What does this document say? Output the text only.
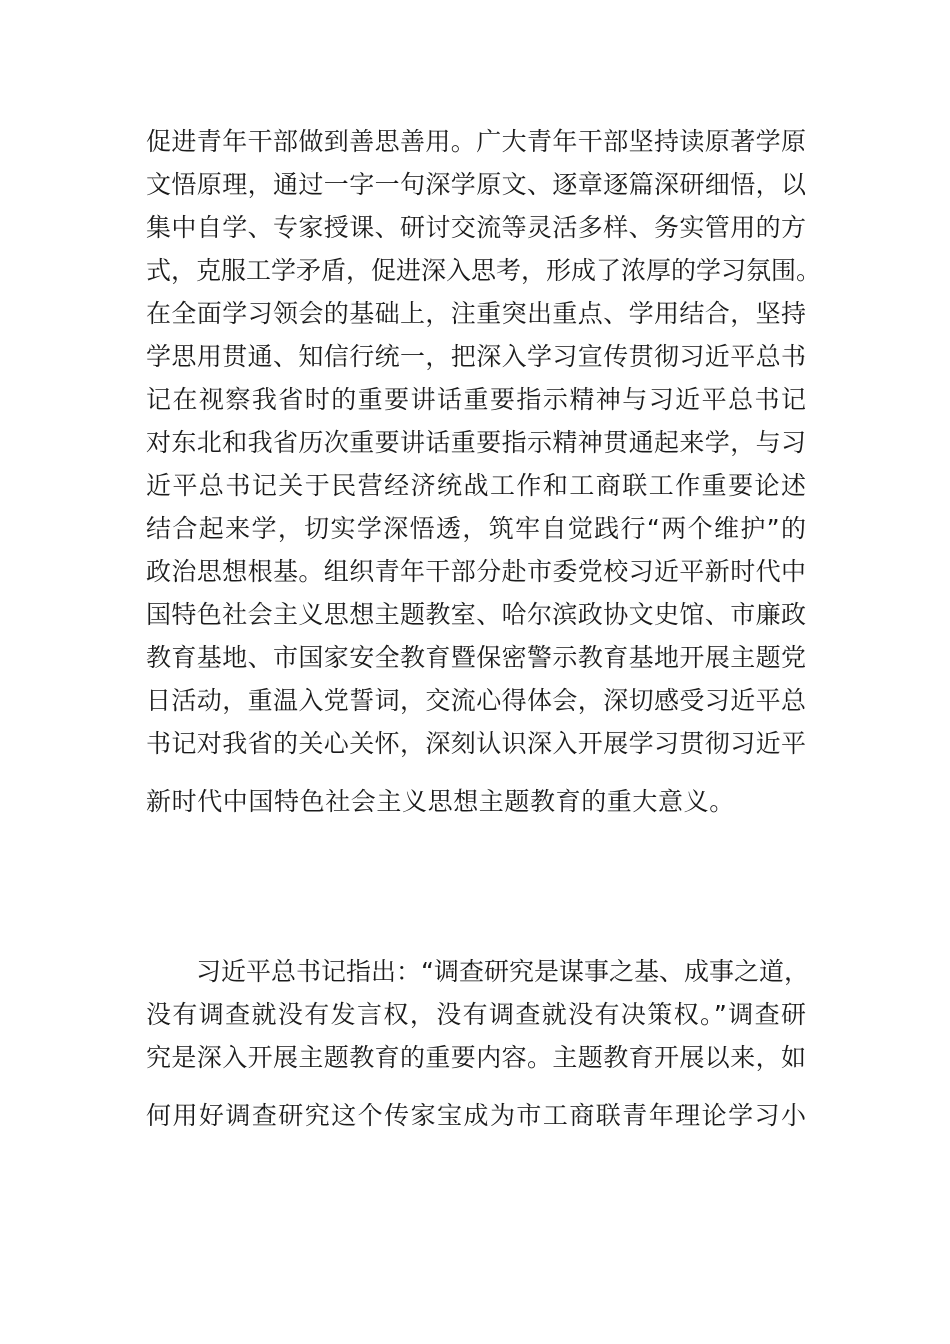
促进青年干部做到善思善用。广大青年干部坚持读原著学原
文悟原理，通过一字一句深学原文、逐章逐篇深研细悟，以
集中自学、专家授课、研讨交流等灵活多样、务实管用的方
式，克服工学矛盾，促进深入思考，形成了浓厚的学习氛围。
在全面学习领会的基础上，注重突出重点、学用结合，坚持
学思用贯通、知信行统一，把深入学习宣传贯彻习近平总书
记在视察我省时的重要讲话重要指示精神与习近平总书记
对东北和我省历次重要讲话重要指示精神贯通起来学，与习
近平总书记关于民营经济统战工作和工商联工作重要论述
结合起来学，切实学深悟透，筑牢自觉践行“两个维护”的
政治思想根基。组织青年干部分赴市委党校习近平新时代中
国特色社会主义思想主题教室、哈尔滨政协文史馆、市廉政
教育基地、市国家安全教育暨保密警示教育基地开展主题党
日活动，重温入党誓词，交流心得体会，深切感受习近平总
书记对我省的关心关怀，深刻认识深入开展学习贯彻习近平
新时代中国特色社会主义思想主题教育的重大意义。
习近平总书记指出：“调查研究是谋事之基、成事之道，
没有调查就没有发言权，没有调查就没有决策权。”调查研
究是深入开展主题教育的重要内容。主题教育开展以来，如
何用好调查研究这个传家宝成为市工商联青年理论学习小
